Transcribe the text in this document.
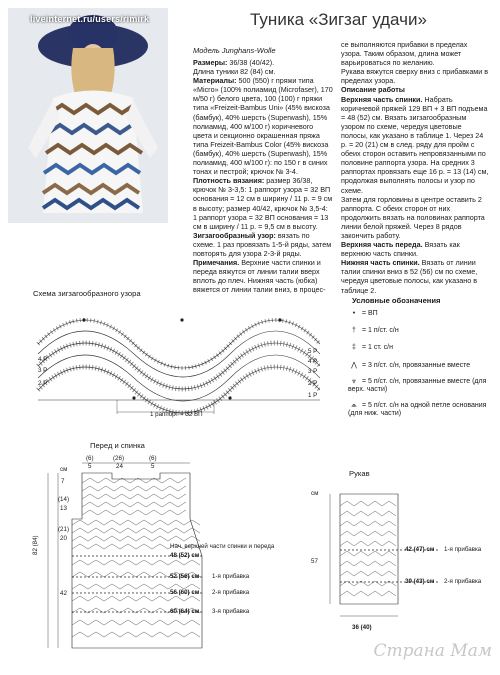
liveinternet.ru/users/rimirk	Туника «Зигзаг удачи»
Модель Junghans-Wolle

Размеры: 36/38 (40/42).

Длина туники 82 (84) см.

Материалы: 500 (550) г пряжи типа «Micro» (100% полиамид (Microfaser), 170 м/50 г) белого цвета, 100 (100) г пряжи типа «Freizeit-Bambus Uni» (45% вискоза (бамбук), 40% шерсть (Superwash), 15% полиамид, 400 м/100 г) коричневого цвета и секционно окрашенная пряжа типа Freizeit-Bambus Color (45% вискоза (бамбук), 40% шерсть (Superwash), 15% полиамид, 400 м/100 г): по 150 г в синих тонах и пестрой; крючок № 3-4.

Плотность вязания: размер 36/38, крючок № 3-3,5: 1 раппорт узора = 32 ВП основания = 12 см в ширину / 11 р. = 9 см в высоту; размер 40/42, крючок № 3,5-4: 1 раппорт узора = 32 ВП основания = 13 см в ширину / 11 р. = 9,5 см в высоту.

Зигзагообразный узор: вязать по схеме. 1 раз провязать 1-5-й ряды, затем повторять для узора 2-3-й ряды.

Примечания. Верхние части спинки и переда вяжутся от линии талии вверх вплоть до плеч. Нижняя часть (юбка) вяжется от линии талии вниз, в процес-

се выполняются прибавки в пределах узора. Таким образом, длина может варьироваться по желанию.

Рукава вяжутся сверху вниз с прибавками в пределах узора.

Описание работы

Верхняя часть спинки. Набрать коричневой пряжей 129 ВП + 3 ВП подъема = 48 (52) см. Вязать зигзагообразным узором по схеме, чередуя цветовые полосы, как указано в таблице 1. Через 24 р. = 20 (21) см в след. ряду для пройм с обеих сторон оставить непровязанными по половине раппорта узора. На средних 3 раппортах провязать еще 16 р. = 13 (14) см, продолжая выполнять полосы и узор по схеме.

Затем для горловины в центре оставить 2 раппорта. С обеих сторон от них продолжить вязать на половинах раппорта линии белой пряжей. Через 8 рядов закончить работу.

Верхняя часть переда. Вязать как верхнюю часть спинки.

Нижняя часть спинки. Вязать от линии талии спинки вниз в 52 (56) см по схеме, чередуя цветовые полосы, как указано в таблице 2.

Схема зигзагообразного узора
4 Р
3 Р
2 Р
5 Р
4 Р
3 Р
2 Р
1 Р
1 раппорт = 32 ВП
Условные обозначения
• = ВП
† = 1 п/ст. с/н
‡ = 1 ст. с/н
⋀ = 3 п/ст. с/н, провязанные вместе
⩔ = 5 п/ст. с/н, провязанные вместе (для верх. части)
⩕ = 5 п/ст. с/н на одной петле основания (для ниж. части)
Перед и спинка
(6)	(26)	(6)
5	24	5
см
7
(14)
13
(21)
20
42
82 (84)	Нач. верхней части спинки и переда
48 (52) см
52 (56) см 1-я прибавка
56 (60) см 2-я прибавка
60 (64) см 3-я прибавка
Рукав
см
57
42 (47) см 1-я прибавка
39 (43) см 2-я прибавка
36 (40)
Страна Мам
